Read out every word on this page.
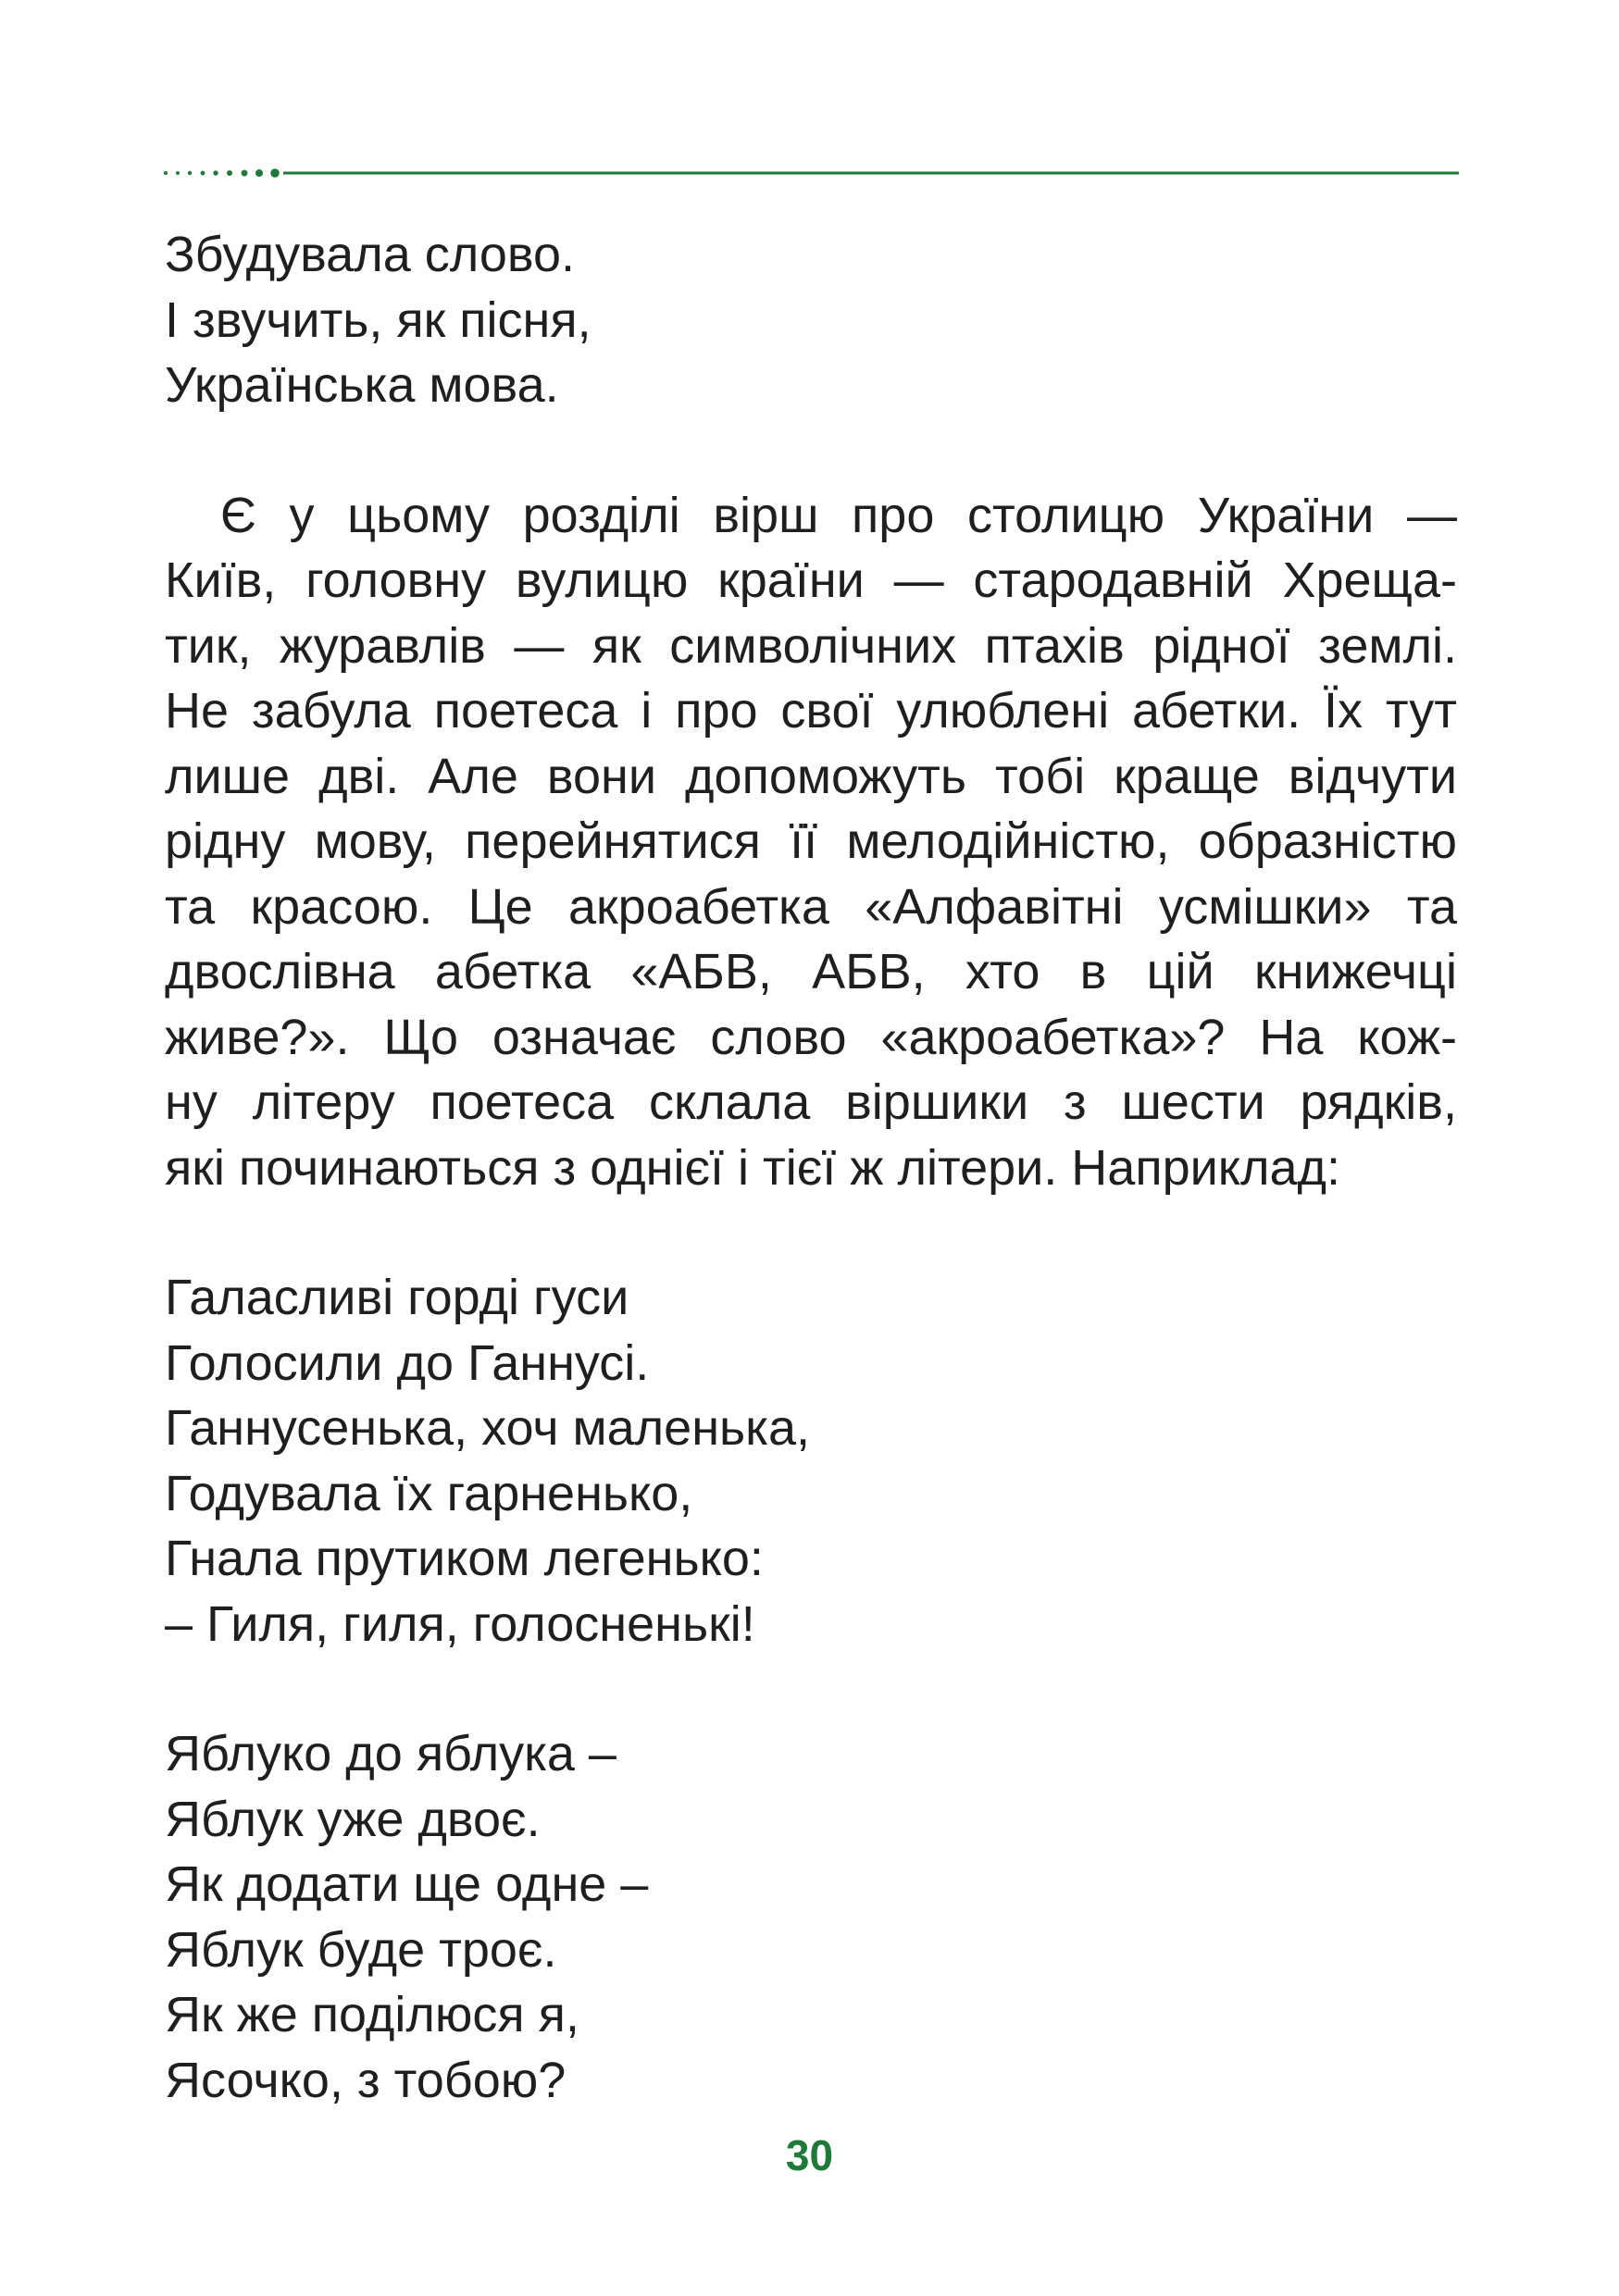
Збудувала слово.
І звучить, як пісня,
Українська мова.
Є у цьому розділі вірш про столицю України —
Київ, головну вулицю країни — стародавній Хреща-
тик, журавлів — як символічних птахів рідної землі.
Не забула поетеса і про свої улюблені абетки. Їх тут
лише дві. Але вони допоможуть тобі краще відчути
рідну мову, перейнятися її мелодійністю, образністю
та красою. Це акроабетка «Алфавітні усмішки» та
двослівна абетка «АБВ, АБВ, хто в цій книжечці
живе?». Що означає слово «акроабетка»? На кож-
ну літеру поетеса склала віршики з шести рядків,
які починаються з однієї і тієї ж літери. Наприклад:
Галасливі горді гуси
Голосили до Ганнусі.
Ганнусенька, хоч маленька,
Годувала їх гарненько,
Гнала прутиком легенько:
– Гиля, гиля, голосненькі!
Яблуко до яблука –
Яблук уже двоє.
Як додати ще одне –
Яблук буде троє.
Як же поділюся я,
Ясочко, з тобою?
30
